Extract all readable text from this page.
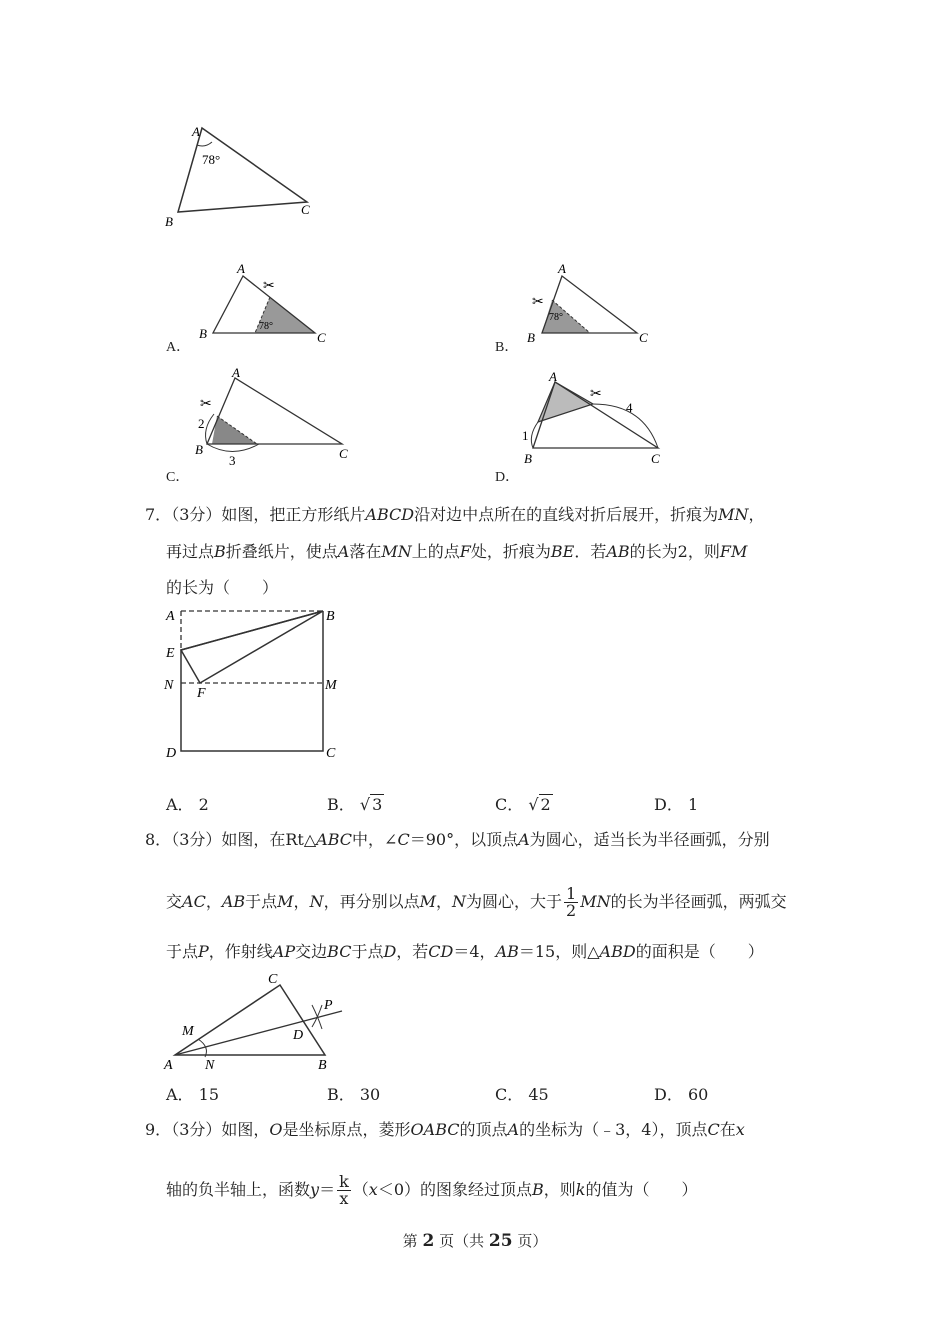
A
B
C
78°
A．
✂
A
B	C
78°
B．
✂
A
B	C
78°
C．
✂
A
B	C
2
3
D．
✂
A
B	C
1
4
7．（3分）如图，把正方形纸片ABCD沿对边中点所在的直线对折后展开，折痕为MN，
再过点B折叠纸片，使点A落在MN上的点F处，折痕为BE．若AB的长为2，则FM
的长为（　　）
A	B
E
N
F
M
D	C
A． 2	B． √ 3	C． √ 2	D． 1
8．（3分）如图，在Rt△ABC中，∠C＝90°，以顶点A为圆心，适当长为半径画弧，分别
交AC，AB于点M，N，再分别以点M，N为圆心，大于 $\frac{1}{2}$ MN的长为半径画弧，两弧交
于点P，作射线AP交边BC于点D，若CD＝4，AB＝15，则△ABD的面积是（　　）
C
P
M	D
A N	B
A． 15	B． 30	C． 45	D． 60
9．（3分）如图，O是坐标原点，菱形OABC的顶点A的坐标为（﹣3，4），顶点C在x
轴的负半轴上，函数$y= \frac{k}{x} (x<0)$的图象经过顶点B，则k的值为（　　）
第 2 页（共 25 页）
